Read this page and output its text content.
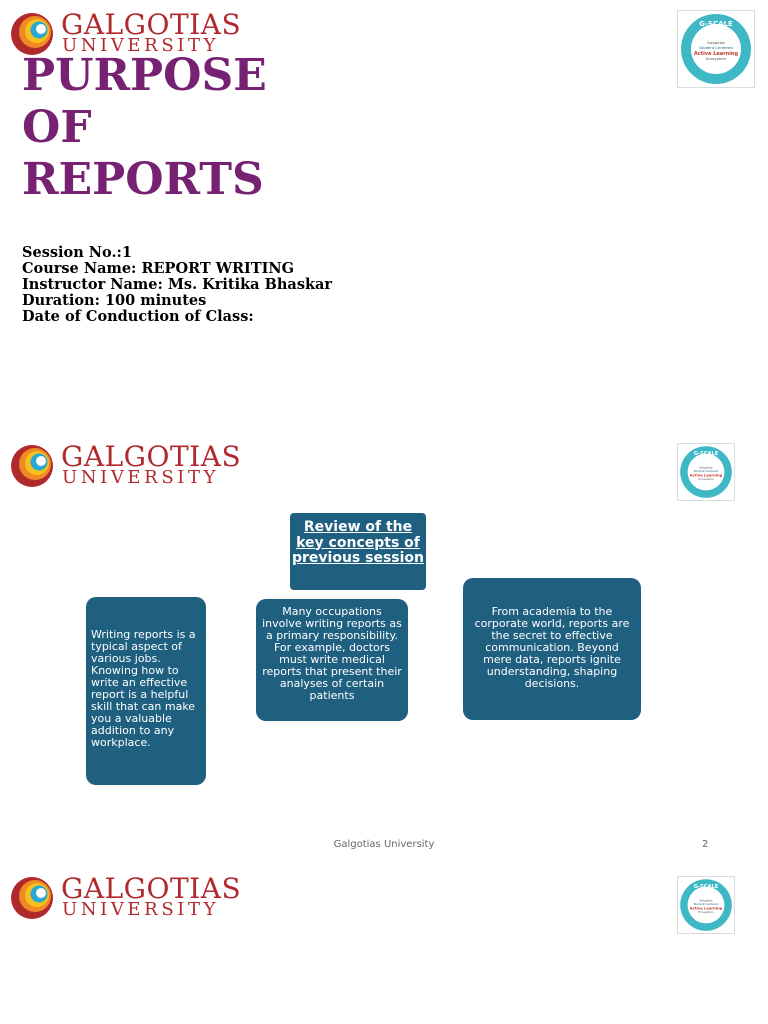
GALGOTIAS
UNIVERSITY
G-SCALE
Galgotias
Student Centered
Active Learning
Ecosystem
PURPOSE
OF
REPORTS
Session No.:1
Course Name: REPORT WRITING
Instructor Name: Ms. Kritika Bhaskar
Duration: 100 minutes
Date of Conduction of Class:
GALGOTIAS
UNIVERSITY
G-SCALE
Galgotias
Student Centered
Active Learning
Ecosystem
Review of the key concepts of previous session
Writing reports is a typical aspect of various jobs. Knowing how to write an effective report is a helpful skill that can make you a valuable addition to any workplace.
Many occupations involve writing reports as a primary responsibility. For example, doctors must write medical reports that present their analyses of certain patients
From academia to the corporate world, reports are the secret to effective communication. Beyond mere data, reports ignite understanding, shaping decisions.
Galgotias University	2
GALGOTIAS
UNIVERSITY
G-SCALE
Galgotias
Student Centered
Active Learning
Ecosystem
